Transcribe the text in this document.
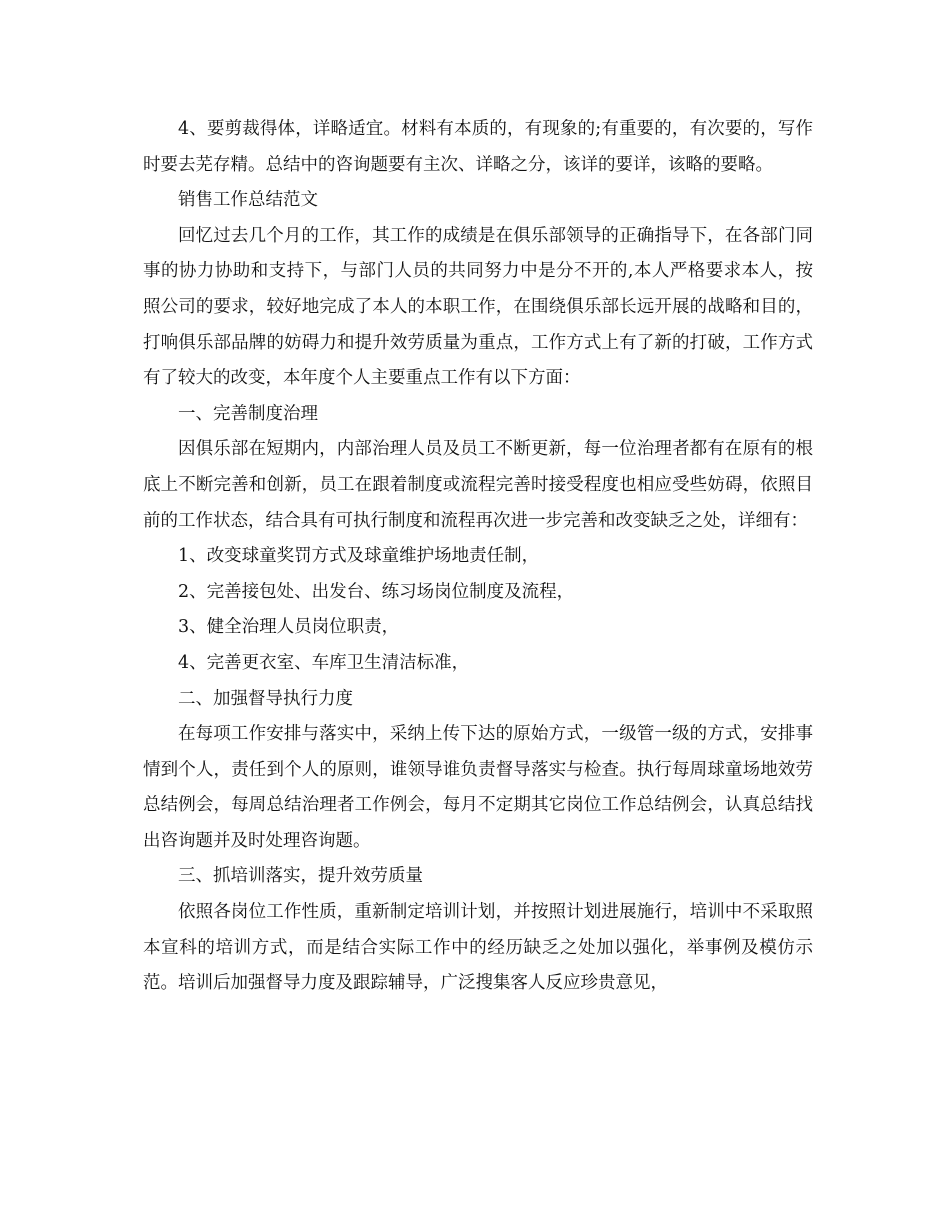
4、要剪裁得体，详略适宜。材料有本质的，有现象的;有重要的，有次要的，写作时要去芜存精。总结中的咨询题要有主次、详略之分，该详的要详，该略的要略。

销售工作总结范文

回忆过去几个月的工作，其工作的成绩是在俱乐部领导的正确指导下，在各部门同事的协力协助和支持下，与部门人员的共同努力中是分不开的,本人严格要求本人，按照公司的要求，较好地完成了本人的本职工作，在围绕俱乐部长远开展的战略和目的，打响俱乐部品牌的妨碍力和提升效劳质量为重点，工作方式上有了新的打破，工作方式有了较大的改变，本年度个人主要重点工作有以下方面：

一、完善制度治理

因俱乐部在短期内，内部治理人员及员工不断更新，每一位治理者都有在原有的根底上不断完善和创新，员工在跟着制度或流程完善时接受程度也相应受些妨碍，依照目前的工作状态，结合具有可执行制度和流程再次进一步完善和改变缺乏之处，详细有：

1、改变球童奖罚方式及球童维护场地责任制，

2、完善接包处、出发台、练习场岗位制度及流程，

3、健全治理人员岗位职责，

4、完善更衣室、车库卫生清洁标准，

二、加强督导执行力度

在每项工作安排与落实中，采纳上传下达的原始方式，一级管一级的方式，安排事情到个人，责任到个人的原则，谁领导谁负责督导落实与检查。执行每周球童场地效劳总结例会，每周总结治理者工作例会，每月不定期其它岗位工作总结例会，认真总结找出咨询题并及时处理咨询题。

三、抓培训落实，提升效劳质量

依照各岗位工作性质，重新制定培训计划，并按照计划进展施行，培训中不采取照本宣科的培训方式，而是结合实际工作中的经历缺乏之处加以强化，举事例及模仿示范。培训后加强督导力度及跟踪辅导，广泛搜集客人反应珍贵意见，
